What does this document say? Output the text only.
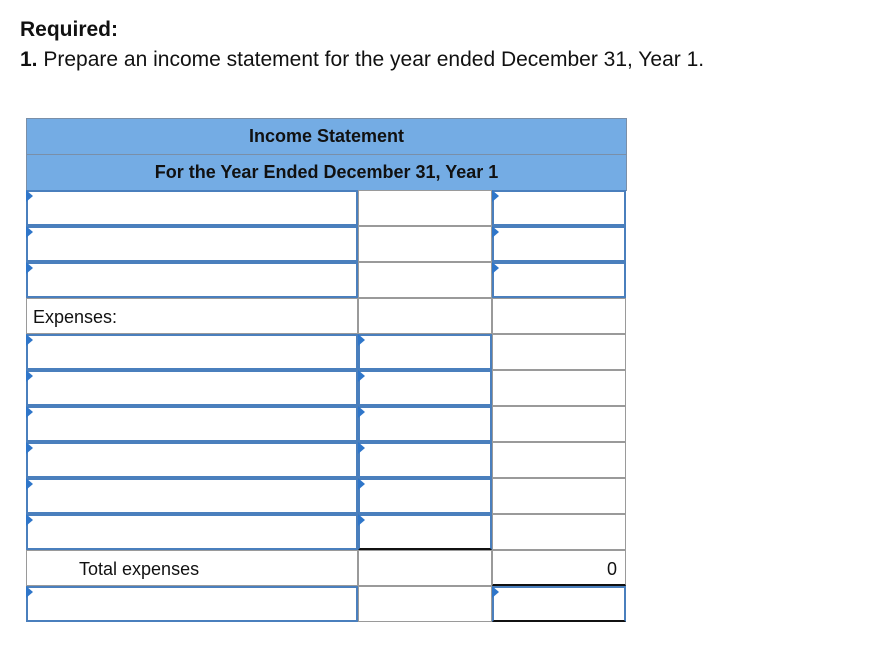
Required:

1. Prepare an income statement for the year ended December 31, Year 1.

Income Statement
For the Year Ended December 31, Year 1
Expenses:
Total expenses	0
